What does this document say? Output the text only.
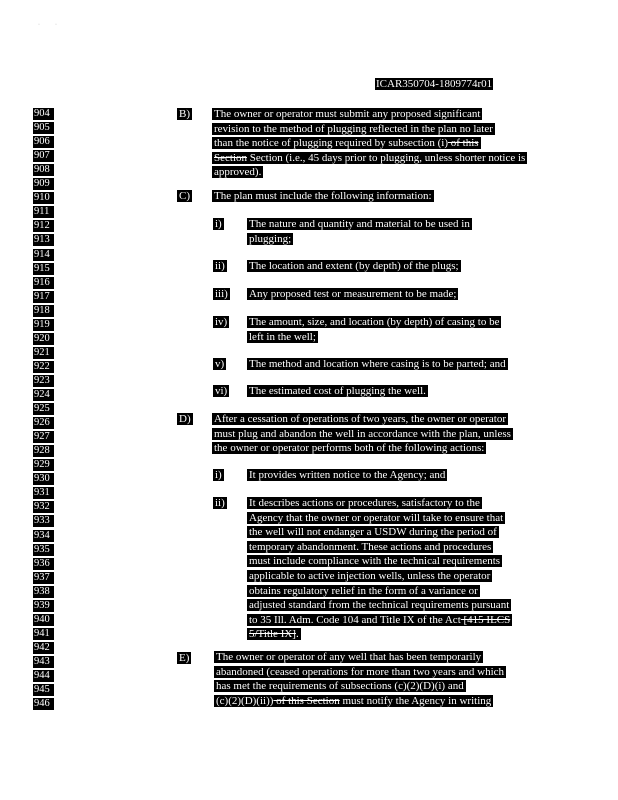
·          ·
ICAR350704-1809774r01
904
905
906
907
908
909
910
911
912
913
914
915
916
917
918
919
920
921
922
923
924
925
926
927
928
929
930
931
932
933
934
935
936
937
938
939
940
941
942
943
944
945
946
B) The owner or operator must submit any proposed significant
revision to the method of plugging reflected in the plan no later
than the notice of plugging required by subsection (i) of this
Section Section (i.e., 45 days prior to plugging, unless shorter notice is
approved).
C) The plan must include the following information:
i) The nature and quantity and material to be used in
plugging;
ii) The location and extent (by depth) of the plugs;
iii) Any proposed test or measurement to be made;
iv) The amount, size, and location (by depth) of casing to be
left in the well;
v) The method and location where casing is to be parted; and
vi) The estimated cost of plugging the well.
D) After a cessation of operations of two years, the owner or operator
must plug and abandon the well in accordance with the plan, unless
the owner or operator performs both of the following actions:
i) It provides written notice to the Agency; and
ii) It describes actions or procedures, satisfactory to the
Agency that the owner or operator will take to ensure that
the well will not endanger a USDW during the period of
temporary abandonment. These actions and procedures
must include compliance with the technical requirements
applicable to active injection wells, unless the operator
obtains regulatory relief in the form of a variance or
adjusted standard from the technical requirements pursuant
to 35 Ill. Adm. Code 104 and Title IX of the Act [415 ILCS
5/Title IX].
E) The owner or operator of any well that has been temporarily
abandoned (ceased operations for more than two years and which
has met the requirements of subsections (c)(2)(D)(i) and
(c)(2)(D)(ii)) of this Section must notify the Agency in writing
